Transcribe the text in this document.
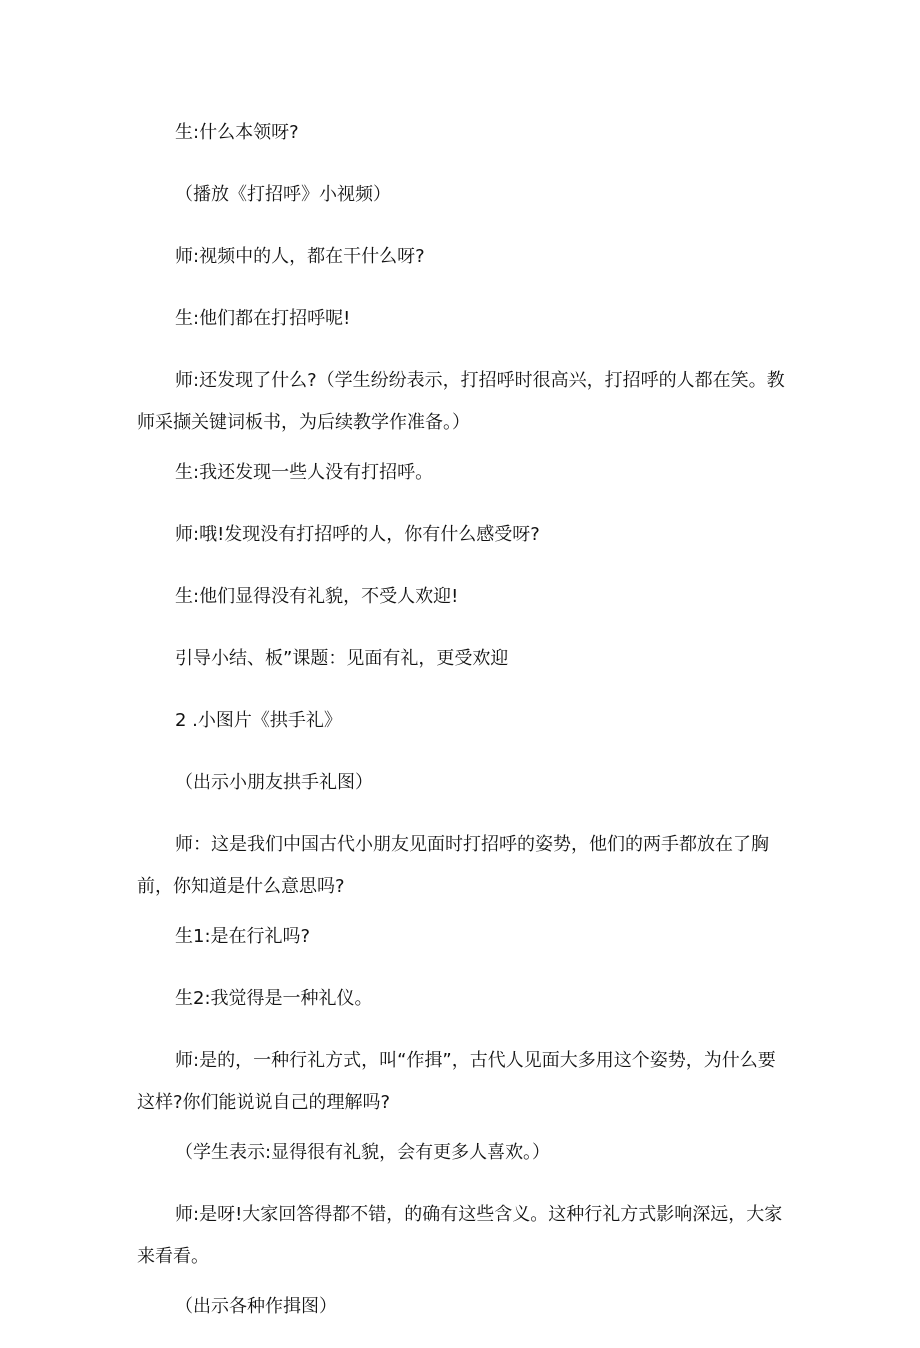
生:什么本领呀?

（播放《打招呼》小视频）

师:视频中的人，都在干什么呀?

生:他们都在打招呼呢!

师:还发现了什么?（学生纷纷表示，打招呼时很高兴，打招呼的人都在笑。教师采撷关键词板书，为后续教学作准备。）

生:我还发现一些人没有打招呼。

师:哦!发现没有打招呼的人，你有什么感受呀?

生:他们显得没有礼貌，不受人欢迎!

引导小结、板”课题：见面有礼，更受欢迎

2 .小图片《拱手礼》

（出示小朋友拱手礼图）

师：这是我们中国古代小朋友见面时打招呼的姿势，他们的两手都放在了胸前，你知道是什么意思吗?

生1:是在行礼吗?

生2:我觉得是一种礼仪。

师:是的，一种行礼方式，叫“作揖”，古代人见面大多用这个姿势，为什么要这样?你们能说说自己的理解吗?

（学生表示:显得很有礼貌，会有更多人喜欢。）

师:是呀!大家回答得都不错，的确有这些含义。这种行礼方式影响深远，大家来看看。

（出示各种作揖图）
